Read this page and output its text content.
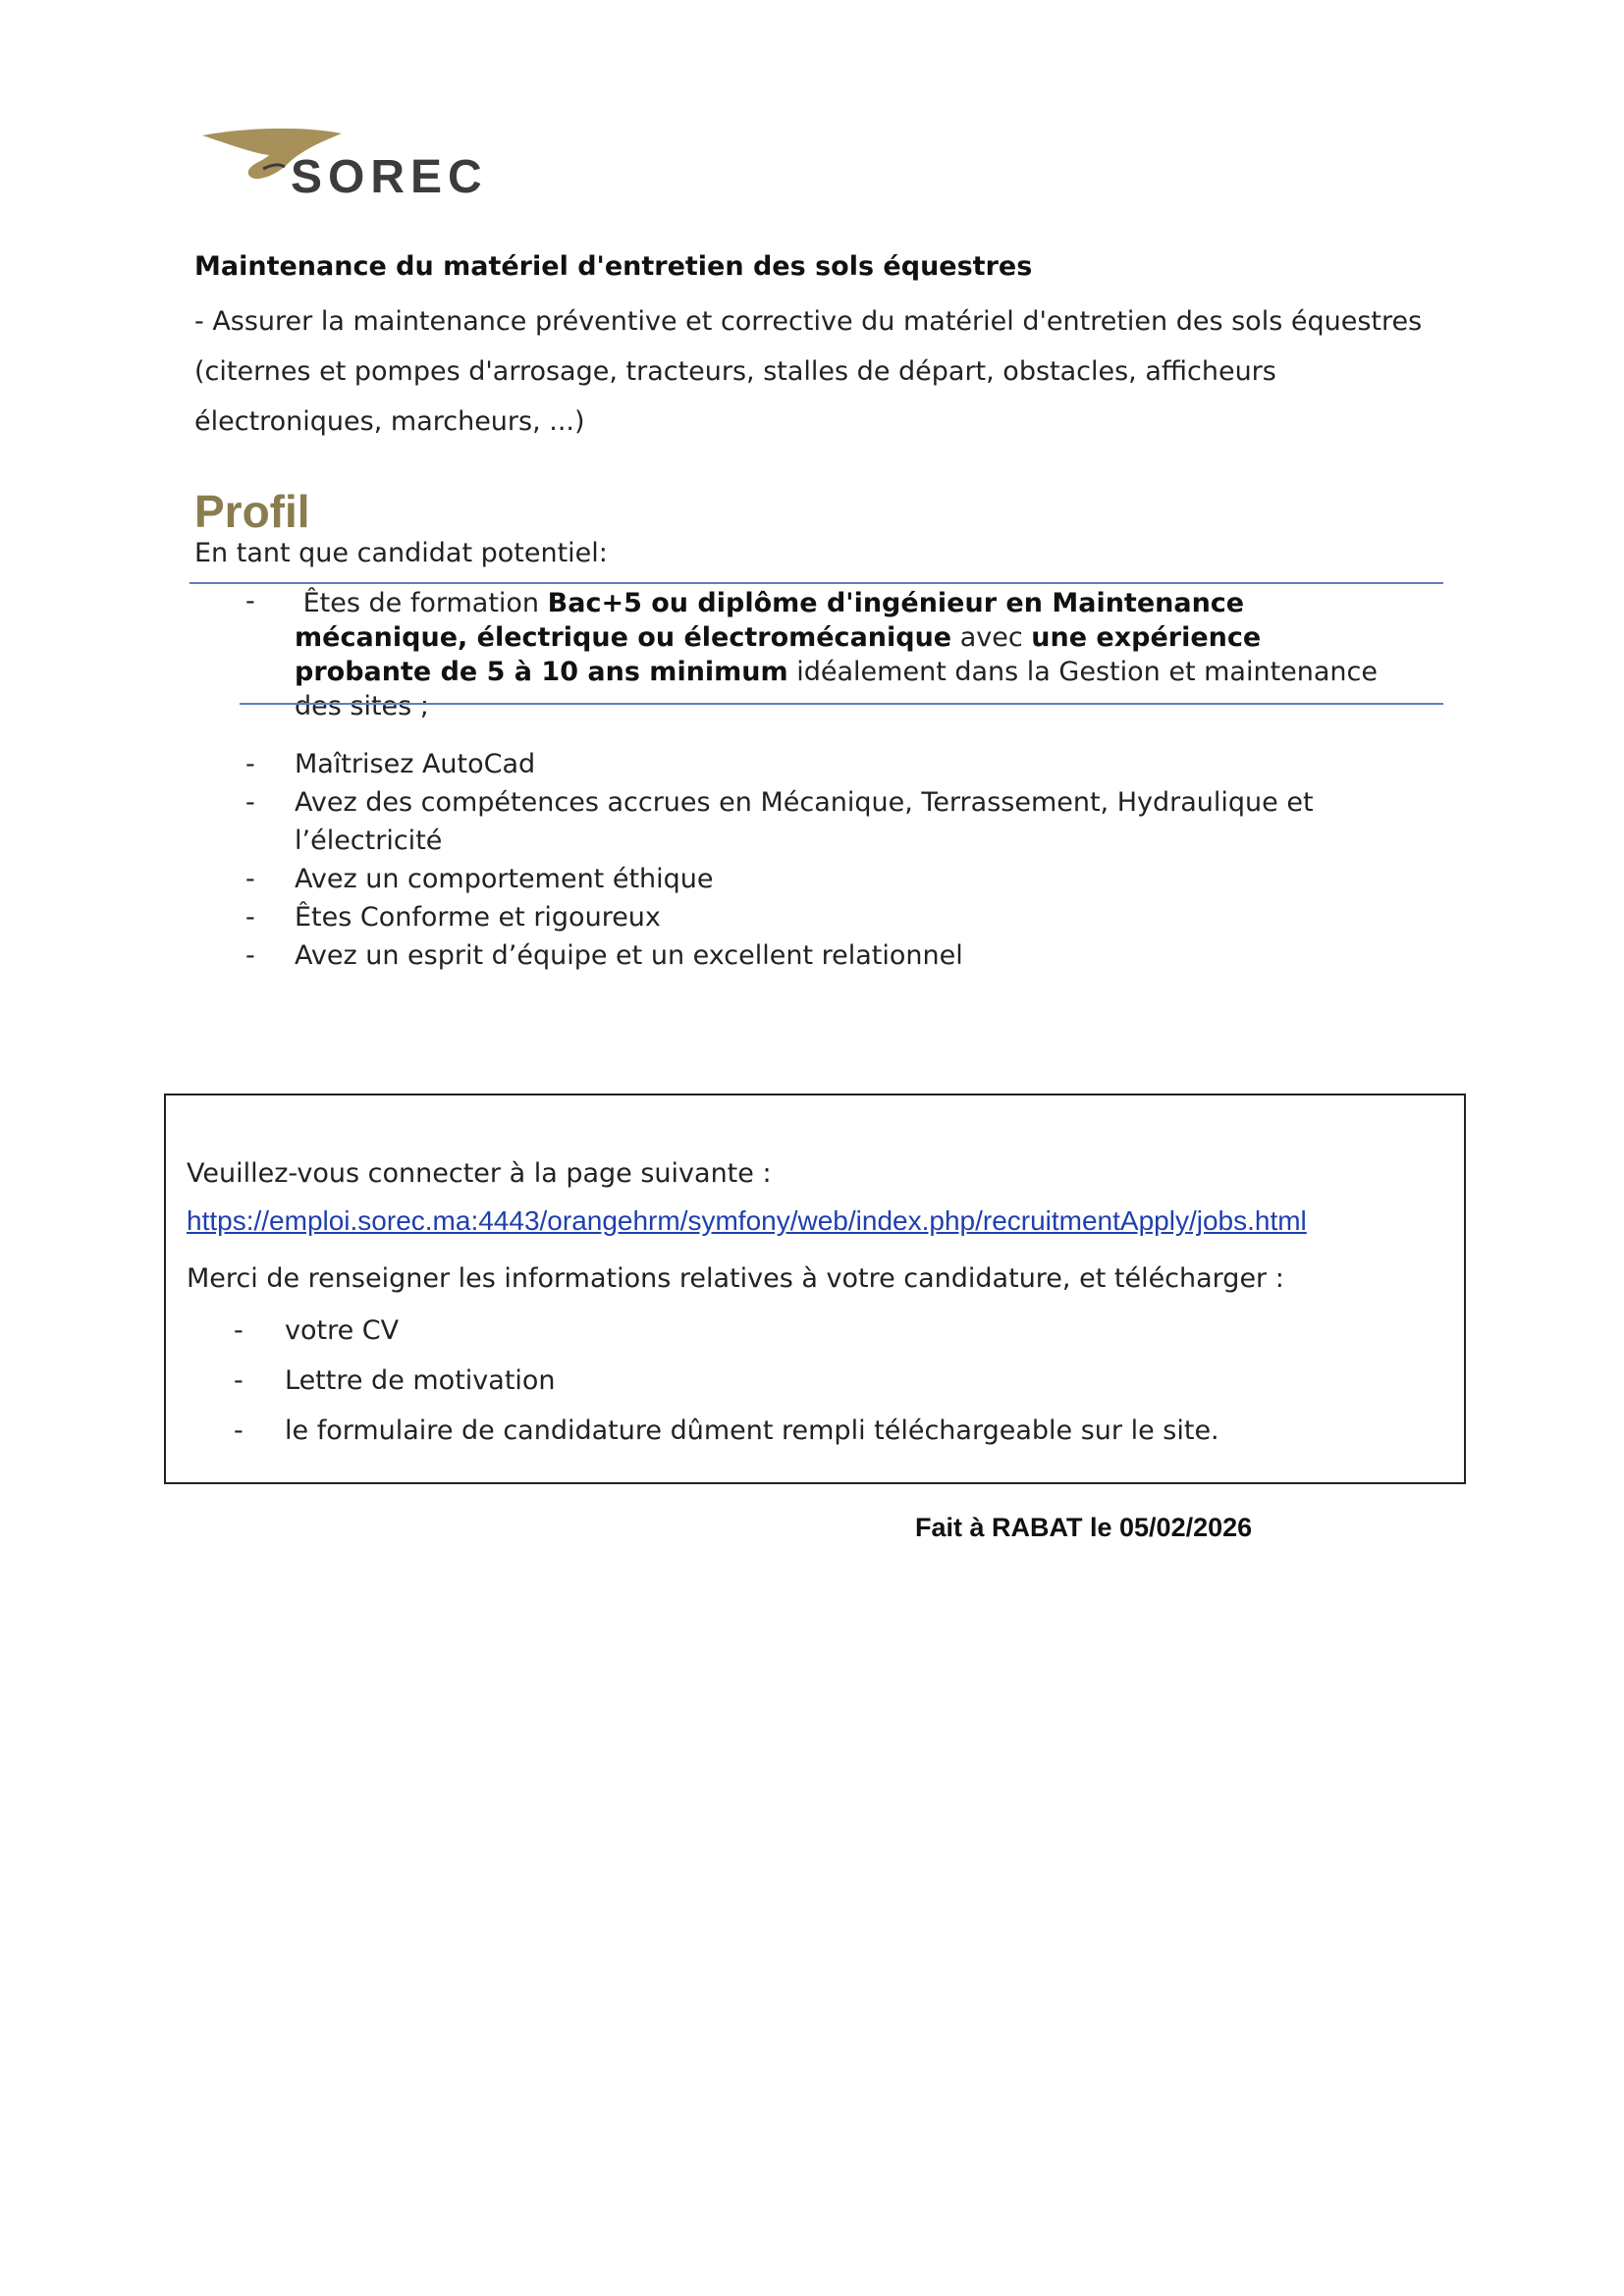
SOREC
Maintenance du matériel d'entretien des sols équestres
- Assurer la maintenance préventive et corrective du matériel d'entretien des sols équestres
(citernes et pompes d'arrosage, tracteurs, stalles de départ, obstacles, afficheurs
électroniques, marcheurs, ...)
Profil
En tant que candidat potentiel:
-	Êtes de formation Bac+5 ou diplôme d'ingénieur en Maintenance mécanique, électrique ou électromécanique avec une expérience probante de 5 à 10 ans minimum idéalement dans la Gestion et maintenance des sites ;
- Maîtrisez AutoCad
- Avez des compétences accrues en Mécanique, Terrassement, Hydraulique et l’électricité
- Avez un comportement éthique
- Êtes Conforme et rigoureux
- Avez un esprit d’équipe et un excellent relationnel
Veuillez-vous connecter à la page suivante :
https://emploi.sorec.ma:4443/orangehrm/symfony/web/index.php/recruitmentApply/jobs.html
Merci de renseigner les informations relatives à votre candidature, et télécharger :
- votre CV
- Lettre de motivation
- le formulaire de candidature dûment rempli téléchargeable sur le site.
Fait à RABAT le 05/02/2026
